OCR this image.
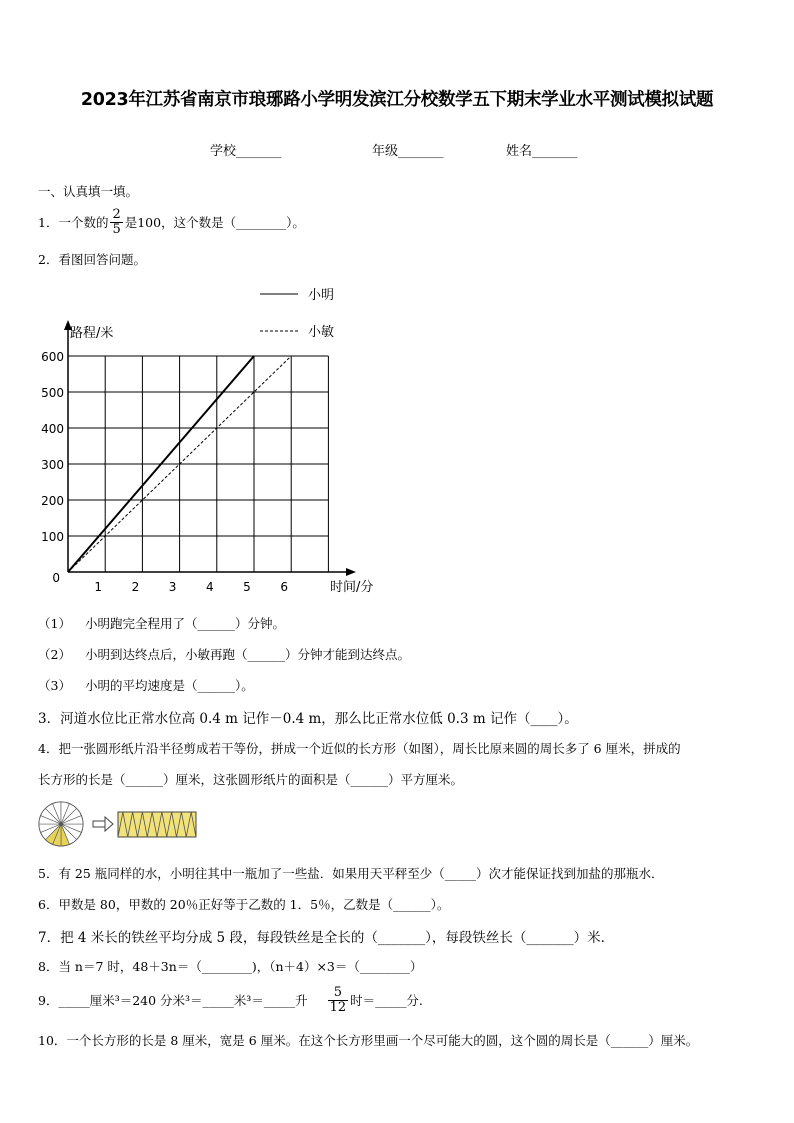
2023年江苏省南京市琅琊路小学明发滨江分校数学五下期末学业水平测试模拟试题
学校_______	年级_______	姓名_______
一、认真填一填。
1．一个数的 $\frac{2}{5}$ 是100，这个数是（________）。
2．看图回答问题。
0
100
200
300
400
500
600
1 2 3 4 5 6
路程/米
时间/分
小明
小敏
（1） 小明跑完全程用了（______）分钟。
（2） 小明到达终点后，小敏再跑（______）分钟才能到达终点。
（3） 小明的平均速度是（______）。
3．河道水位比正常水位高 0.4 m 记作－0.4 m，那么比正常水位低 0.3 m 记作（____）。
4．把一张圆形纸片沿半径剪成若干等份，拼成一个近似的长方形（如图），周长比原来圆的周长多了 6 厘米，拼成的
长方形的长是（______）厘米，这张圆形纸片的面积是（______）平方厘米。
5．有 25 瓶同样的水，小明往其中一瓶加了一些盐．如果用天平秤至少（_____）次才能保证找到加盐的那瓶水．
6．甲数是 80，甲数的 20％正好等于乙数的 1．5％，乙数是（______）。
7．把 4 米长的铁丝平均分成 5 段，每段铁丝是全长的（_______），每段铁丝长（_______）米．
8．当 n＝7 时，48＋3n＝（________)，（n＋4）×3＝（________）
9．_____厘米³＝240 分米³＝_____米³＝_____升 $\frac{5}{12}$ 时＝_____分.
10．一个长方形的长是 8 厘米，宽是 6 厘米。在这个长方形里画一个尽可能大的圆，这个圆的周长是（______）厘米。
